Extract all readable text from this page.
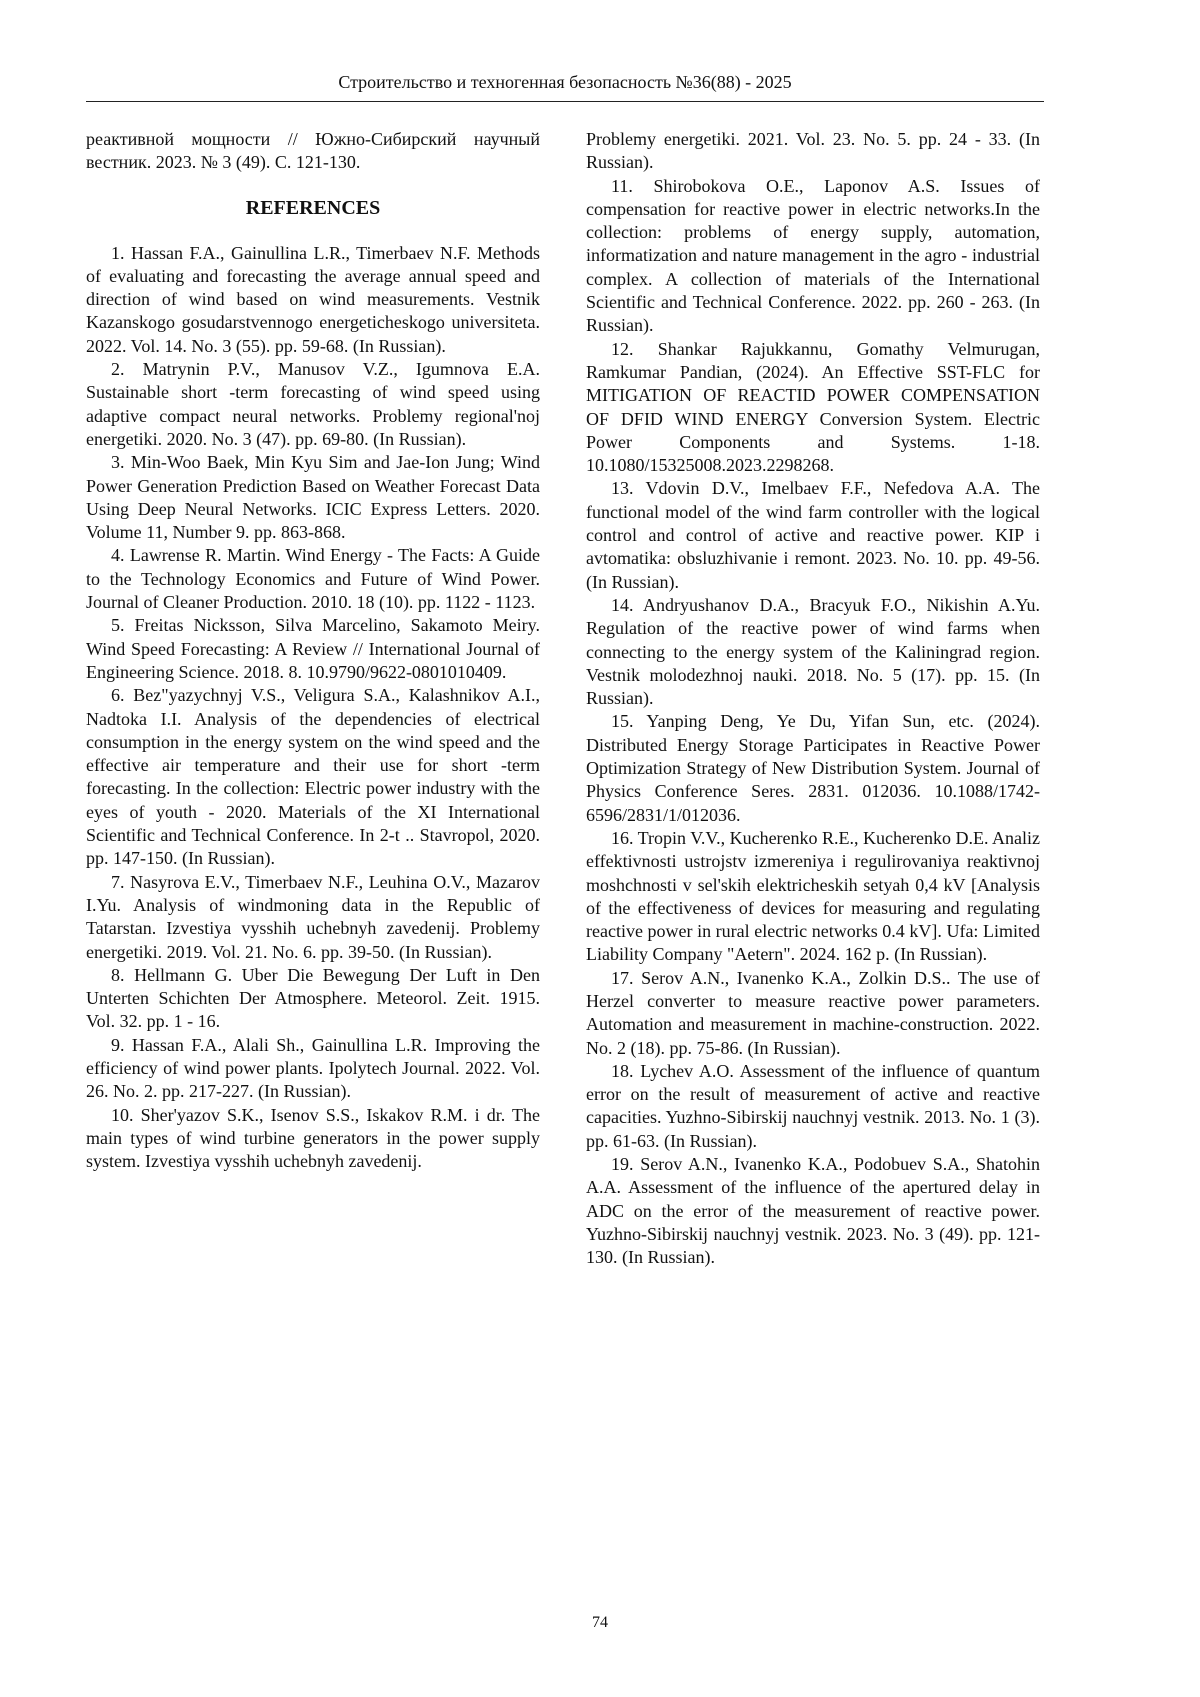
Строительство и техногенная безопасность №36(88) - 2025

реактивной мощности // Южно-Сибирский научный вестник. 2023. № 3 (49). С. 121-130.

REFERENCES

1. Hassan F.A., Gainullina L.R., Timerbaev N.F. Methods of evaluating and forecasting the average annual speed and direction of wind based on wind measurements. Vestnik Kazanskogo gosudarstvennogo energeticheskogo universiteta. 2022. Vol. 14. No. 3 (55). pp. 59-68. (In Russian).

2. Matrynin P.V., Manusov V.Z., Igumnova E.A. Sustainable short -term forecasting of wind speed using adaptive compact neural networks. Problemy regional'noj energetiki. 2020. No. 3 (47). pp. 69-80. (In Russian).

3. Min-Woo Baek, Min Kyu Sim and Jae-Ion Jung; Wind Power Generation Prediction Based on Weather Forecast Data Using Deep Neural Networks. ICIC Express Letters. 2020. Volume 11, Number 9. pp. 863-868.

4. Lawrense R. Martin. Wind Energy - The Facts: A Guide to the Technology Economics and Future of Wind Power. Journal of Cleaner Production. 2010. 18 (10). pp. 1122 - 1123.

5. Freitas Nicksson, Silva Marcelino, Sakamoto Meiry. Wind Speed Forecasting: A Review // International Journal of Engineering Science. 2018. 8. 10.9790/9622-0801010409.

6. Bez"yazychnyj V.S., Veligura S.A., Kalashnikov A.I., Nadtoka I.I. Analysis of the dependencies of electrical consumption in the energy system on the wind speed and the effective air temperature and their use for short -term forecasting. In the collection: Electric power industry with the eyes of youth - 2020. Materials of the XI International Scientific and Technical Conference. In 2-t .. Stavropol, 2020. pp. 147-150. (In Russian).

7. Nasyrova E.V., Timerbaev N.F., Leuhina O.V., Mazarov I.Yu. Analysis of windmoning data in the Republic of Tatarstan. Izvestiya vysshih uchebnyh zavedenij. Problemy energetiki. 2019. Vol. 21. No. 6. pp. 39-50. (In Russian).

8. Hellmann G. Uber Die Bewegung Der Luft in Den Unterten Schichten Der Atmosphere. Meteorol. Zeit. 1915. Vol. 32. pp. 1 - 16.

9. Hassan F.A., Alali Sh., Gainullina L.R. Improving the efficiency of wind power plants. Ipolytech Journal. 2022. Vol. 26. No. 2. pp. 217-227. (In Russian).

10. Sher'yazov S.K., Isenov S.S., Iskakov R.M. i dr. The main types of wind turbine generators in the power supply system. Izvestiya vysshih uchebnyh zavedenij.

Problemy energetiki. 2021. Vol. 23. No. 5. pp. 24 - 33. (In Russian).

11. Shirobokova O.E., Laponov A.S. Issues of compensation for reactive power in electric networks.In the collection: problems of energy supply, automation, informatization and nature management in the agro - industrial complex. A collection of materials of the International Scientific and Technical Conference. 2022. pp. 260 - 263. (In Russian).

12. Shankar Rajukkannu, Gomathy Velmurugan, Ramkumar Pandian, (2024). An Effective SST-FLC for MITIGATION OF REACTID POWER COMPENSATION OF DFID WIND ENERGY Conversion System. Electric Power Components and Systems. 1-18. 10.1080/15325008.2023.2298268.

13. Vdovin D.V., Imelbaev F.F., Nefedova A.A. The functional model of the wind farm controller with the logical control and control of active and reactive power. KIP i avtomatika: obsluzhivanie i remont. 2023. No. 10. pp. 49-56. (In Russian).

14. Andryushanov D.A., Bracyuk F.O., Nikishin A.Yu. Regulation of the reactive power of wind farms when connecting to the energy system of the Kaliningrad region. Vestnik molodezhnoj nauki. 2018. No. 5 (17). pp. 15. (In Russian).

15. Yanping Deng, Ye Du, Yifan Sun, etc. (2024). Distributed Energy Storage Participates in Reactive Power Optimization Strategy of New Distribution System. Journal of Physics Conference Seres. 2831. 012036. 10.1088/1742-6596/2831/1/012036.

16. Tropin V.V., Kucherenko R.E., Kucherenko D.E. Analiz effektivnosti ustrojstv izmereniya i regulirovaniya reaktivnoj moshchnosti v sel'skih elektricheskih setyah 0,4 kV [Analysis of the effectiveness of devices for measuring and regulating reactive power in rural electric networks 0.4 kV]. Ufa: Limited Liability Company "Aetern". 2024. 162 p. (In Russian).

17. Serov A.N., Ivanenko K.A., Zolkin D.S.. The use of Herzel converter to measure reactive power parameters. Automation and measurement in machine-construction. 2022. No. 2 (18). pp. 75-86. (In Russian).

18. Lychev A.O. Assessment of the influence of quantum error on the result of measurement of active and reactive capacities. Yuzhno-Sibirskij nauchnyj vestnik. 2013. No. 1 (3). pp. 61-63. (In Russian).

19. Serov A.N., Ivanenko K.A., Podobuev S.A., Shatohin A.A. Assessment of the influence of the apertured delay in ADC on the error of the measurement of reactive power. Yuzhno-Sibirskij nauchnyj vestnik. 2023. No. 3 (49). pp. 121-130. (In Russian).

74
